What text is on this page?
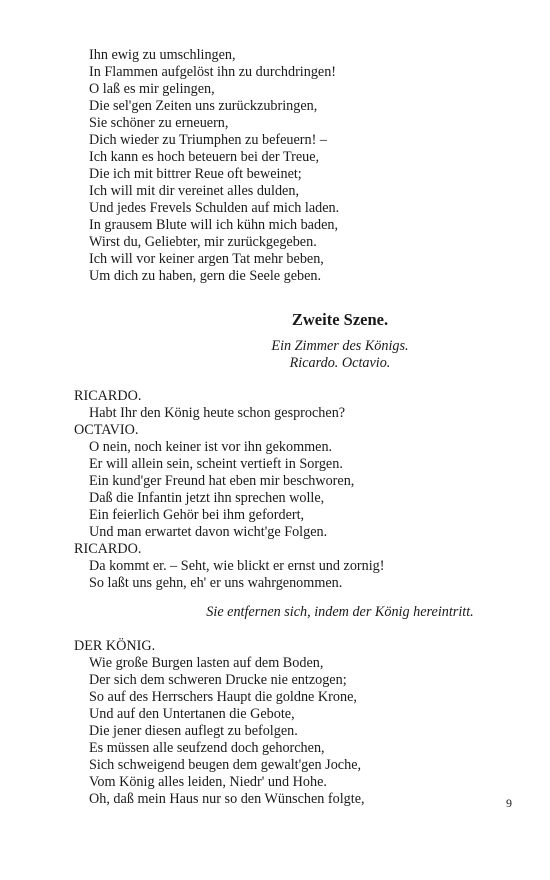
Ihn ewig zu umschlingen,

In Flammen aufgelöst ihn zu durchdringen!

O laß es mir gelingen,

Die sel'gen Zeiten uns zurückzubringen,

Sie schöner zu erneuern,

Dich wieder zu Triumphen zu befeuern! –

Ich kann es hoch beteuern bei der Treue,

Die ich mit bittrer Reue oft beweinet;

Ich will mit dir vereinet alles dulden,

Und jedes Frevels Schulden auf mich laden.

In grausem Blute will ich kühn mich baden,

Wirst du, Geliebter, mir zurückgegeben.

Ich will vor keiner argen Tat mehr beben,

Um dich zu haben, gern die Seele geben.

Zweite Szene.

Ein Zimmer des Königs.

Ricardo. Octavio.

RICARDO.

Habt Ihr den König heute schon gesprochen?

OCTAVIO.

O nein, noch keiner ist vor ihn gekommen.

Er will allein sein, scheint vertieft in Sorgen.

Ein kund'ger Freund hat eben mir beschworen,

Daß die Infantin jetzt ihn sprechen wolle,

Ein feierlich Gehör bei ihm gefordert,

Und man erwartet davon wicht'ge Folgen.

RICARDO.

Da kommt er. – Seht, wie blickt er ernst und zornig!

So laßt uns gehn, eh' er uns wahrgenommen.

Sie entfernen sich, indem der König hereintritt.

DER KÖNIG.

Wie große Burgen lasten auf dem Boden,

Der sich dem schweren Drucke nie entzogen;

So auf des Herrschers Haupt die goldne Krone,

Und auf den Untertanen die Gebote,

Die jener diesen auflegt zu befolgen.

Es müssen alle seufzend doch gehorchen,

Sich schweigend beugen dem gewalt'gen Joche,

Vom König alles leiden, Niedr' und Hohe.

Oh, daß mein Haus nur so den Wünschen folgte,	9
